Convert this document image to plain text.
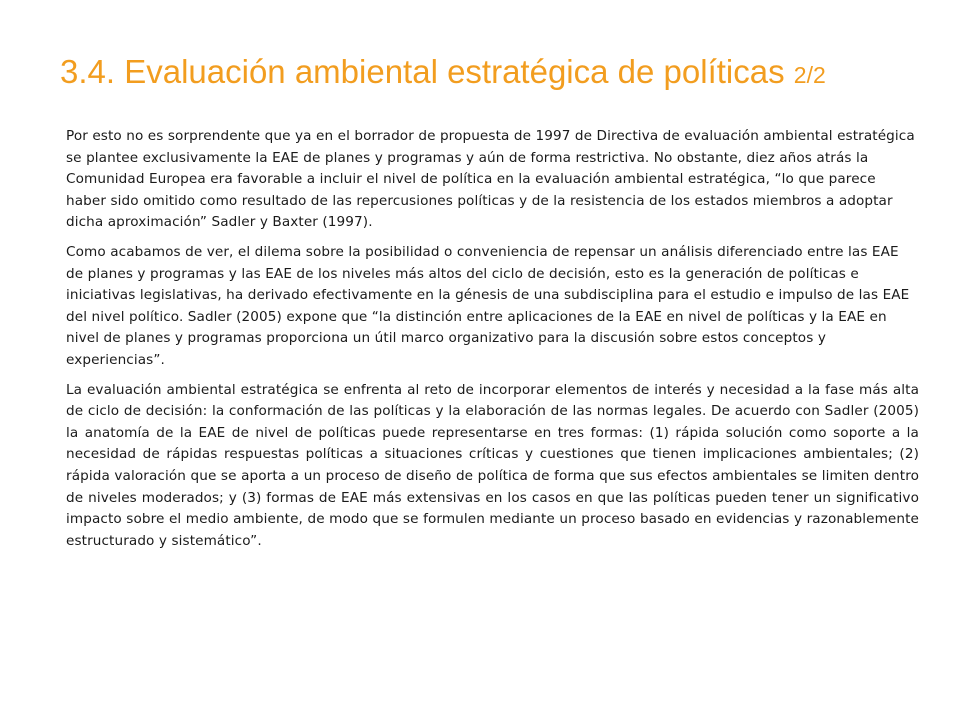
3.4. Evaluación ambiental estratégica de políticas 2/2

Por esto no es sorprendente que ya en el borrador de propuesta de 1997 de Directiva de evaluación ambiental estratégica se plantee exclusivamente la EAE de planes y programas y aún de forma restrictiva. No obstante, diez años atrás la Comunidad Europea era favorable a incluir el nivel de política en la evaluación ambiental estratégica, “lo que parece haber sido omitido como resultado de las repercusiones políticas y de la resistencia de los estados miembros a adoptar dicha aproximación” Sadler y Baxter (1997).

Como acabamos de ver, el dilema sobre la posibilidad o conveniencia de repensar un análisis diferenciado entre las EAE de planes y programas y las EAE de los niveles más altos del ciclo de decisión, esto es la generación de políticas e iniciativas legislativas, ha derivado efectivamente en la génesis de una subdisciplina para el estudio e impulso de las EAE del nivel político. Sadler (2005) expone que “la distinción entre aplicaciones de la EAE en nivel de políticas y la EAE en nivel de planes y programas proporciona un útil marco organizativo para la discusión sobre estos conceptos y experiencias”.

La evaluación ambiental estratégica se enfrenta al reto de incorporar elementos de interés y necesidad a la fase más alta de ciclo de decisión: la conformación de las políticas y la elaboración de las normas legales. De acuerdo con Sadler (2005) la anatomía de la EAE de nivel de políticas puede representarse en tres formas: (1) rápida solución como soporte a la necesidad de rápidas respuestas políticas a situaciones críticas y cuestiones que tienen implicaciones ambientales; (2) rápida valoración que se aporta a un proceso de diseño de política de forma que sus efectos ambientales se limiten dentro de niveles moderados; y (3) formas de EAE más extensivas en los casos en que las políticas pueden tener un significativo impacto sobre el medio ambiente, de modo que se formulen mediante un proceso basado en evidencias y razonablemente estructurado y sistemático”.
